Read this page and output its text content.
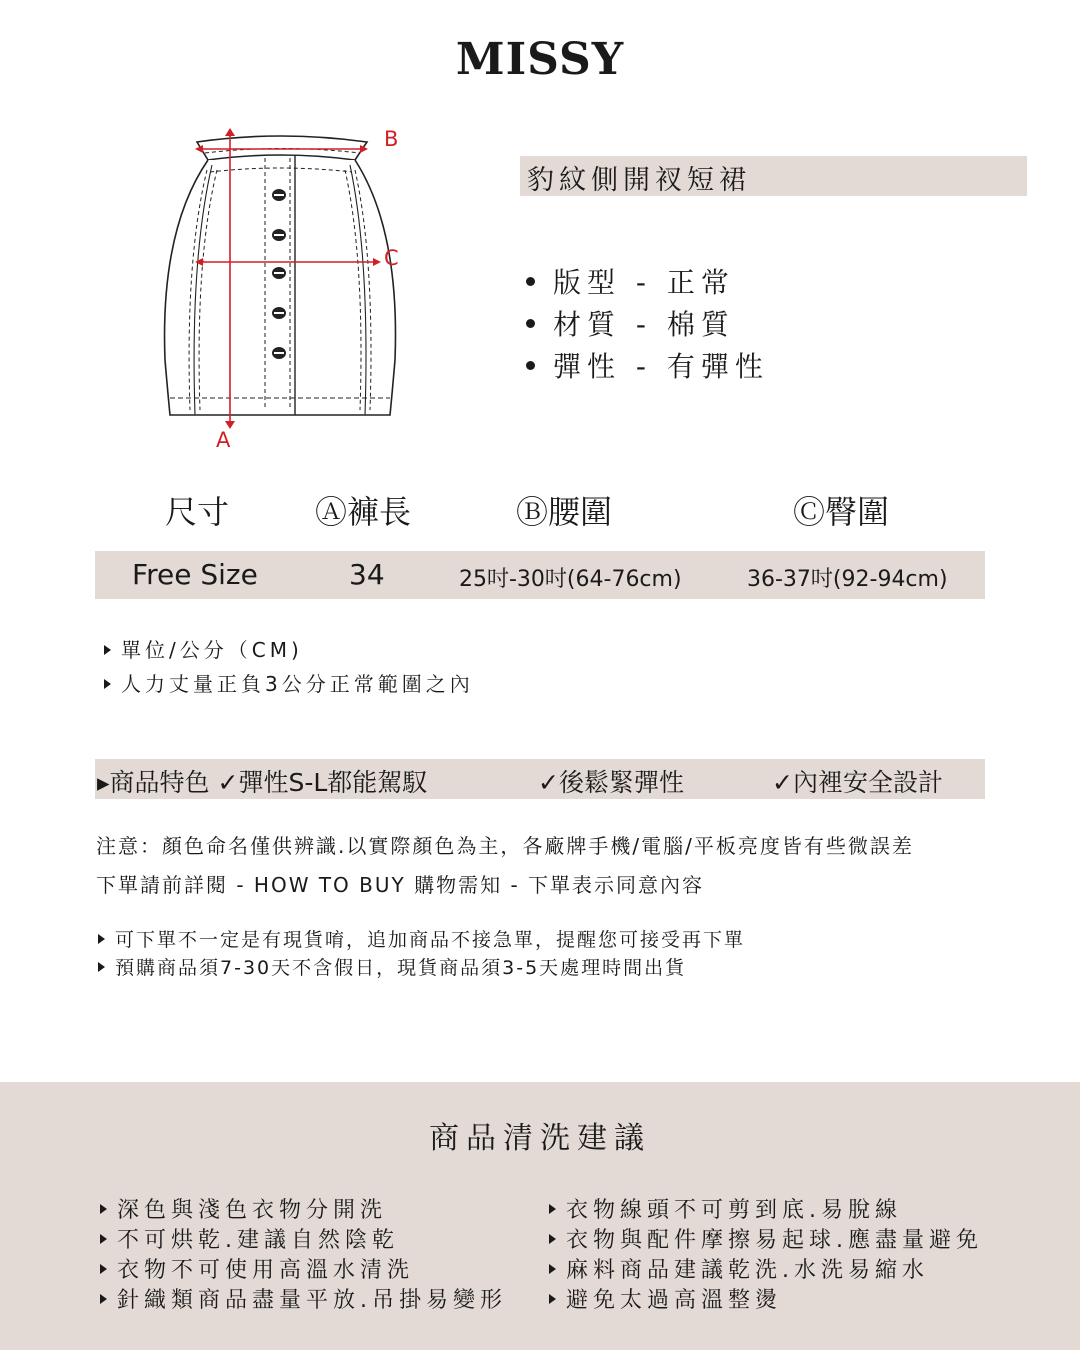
MISSY
B
C
A
豹紋側開衩短裙
版型 - 正常
材質 - 棉質
彈性 - 有彈性
尺寸	Ⓐ褲長	Ⓑ腰圍	Ⓒ臀圍
Free Size	34	25吋-30吋(64-76cm)	36-37吋(92-94cm)
單位/公分（CM)
人力丈量正負3公分正常範圍之內
▸商品特色 ✓彈性S-L都能駕馭	✓後鬆緊彈性	✓內裡安全設計
注意：顏色命名僅供辨識.以實際顏色為主，各廠牌手機/電腦/平板亮度皆有些微誤差
下單請前詳閱 - HOW TO BUY 購物需知 - 下單表示同意內容
可下單不一定是有現貨唷，追加商品不接急單，提醒您可接受再下單
預購商品須7-30天不含假日，現貨商品須3-5天處理時間出貨
商品清洗建議
深色與淺色衣物分開洗
不可烘乾.建議自然陰乾
衣物不可使用高溫水清洗
針織類商品盡量平放.吊掛易變形
衣物線頭不可剪到底.易脫線
衣物與配件摩擦易起球.應盡量避免
麻料商品建議乾洗.水洗易縮水
避免太過高溫整燙
